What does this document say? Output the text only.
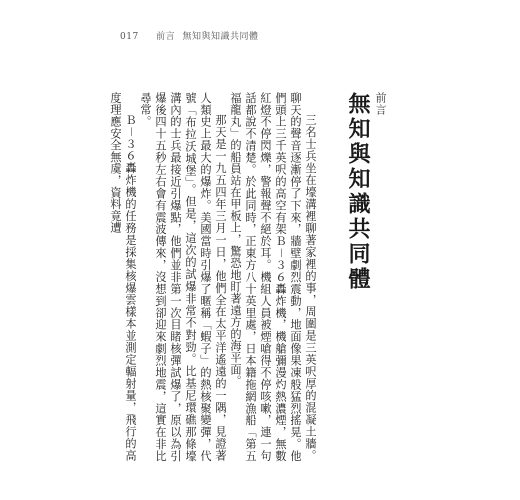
017 前言 無知與知識共同體
前言
無知與知識共同體

三名士兵坐在壕溝裡聊著家裡的事，周圍是三英呎厚的混凝土牆。聊天的聲音逐漸停了下來，牆壁劇烈震動，地面像果凍般猛烈搖晃。他們頭上三千英呎的高空有架Ｂ－３６轟炸機，機艙彌漫灼熱濃煙，無數紅燈不停閃爍，警報聲不絕於耳。機組人員被煙嗆得不停咳嗽，連一句話都說不清楚。於此同時，正東方八十英里處，日本籍拖網漁船「第五福龍丸」的船員站在甲板上，驚恐地盯著遠方的海平面。

那天是一九五四年三月一日，他們全在太平洋遙遠的一隅，見證著人類史上最大的爆炸。美國當時引爆了暱稱「蝦子」的熱核聚變彈，代號「布拉沃城堡」。但是，這次的試爆非常不對勁。比基尼環礁那條壕溝內的士兵最接近引爆點，他們並非第一次目睹核彈試爆了，原以為引爆後四十五秒左右會有震波傳來，沒想到卻迎來劇烈地震，這實在非比尋常。

Ｂ－３６轟炸機的任務是採集核爆雲樣本並測定輻射量，飛行的高度理應安全無虞，資料竟遭
